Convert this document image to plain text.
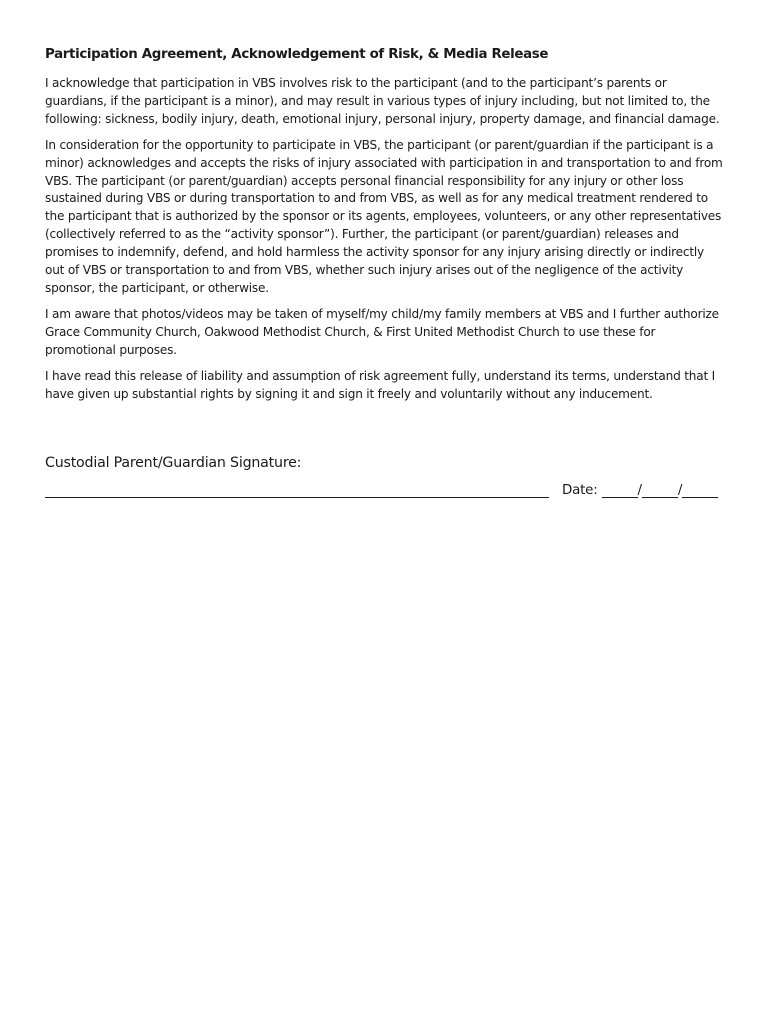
Participation Agreement, Acknowledgement of Risk, & Media Release

I acknowledge that participation in VBS involves risk to the participant (and to the participant’s parents or guardians, if the participant is a minor), and may result in various types of injury including, but not limited to, the following: sickness, bodily injury, death, emotional injury, personal injury, property damage, and financial damage.

In consideration for the opportunity to participate in VBS, the participant (or parent/guardian if the participant is a minor) acknowledges and accepts the risks of injury associated with participation in and transportation to and from VBS. The participant (or parent/guardian) accepts personal financial responsibility for any injury or other loss sustained during VBS or during transportation to and from VBS, as well as for any medical treatment rendered to the participant that is authorized by the sponsor or its agents, employees, volunteers, or any other representatives (collectively referred to as the “activity sponsor”). Further, the participant (or parent/guardian) releases and promises to indemnify, defend, and hold harmless the activity sponsor for any injury arising directly or indirectly out of VBS or transportation to and from VBS, whether such injury arises out of the negligence of the activity sponsor, the participant, or otherwise.

I am aware that photos/videos may be taken of myself/my child/my family members at VBS and I further authorize Grace Community Church, Oakwood Methodist Church, & First United Methodist Church to use these for promotional purposes.

I have read this release of liability and assumption of risk agreement fully, understand its terms, understand that I have given up substantial rights by signing it and sign it freely and voluntarily without any inducement.

Custodial Parent/Guardian Signature:
Date:	/	/
